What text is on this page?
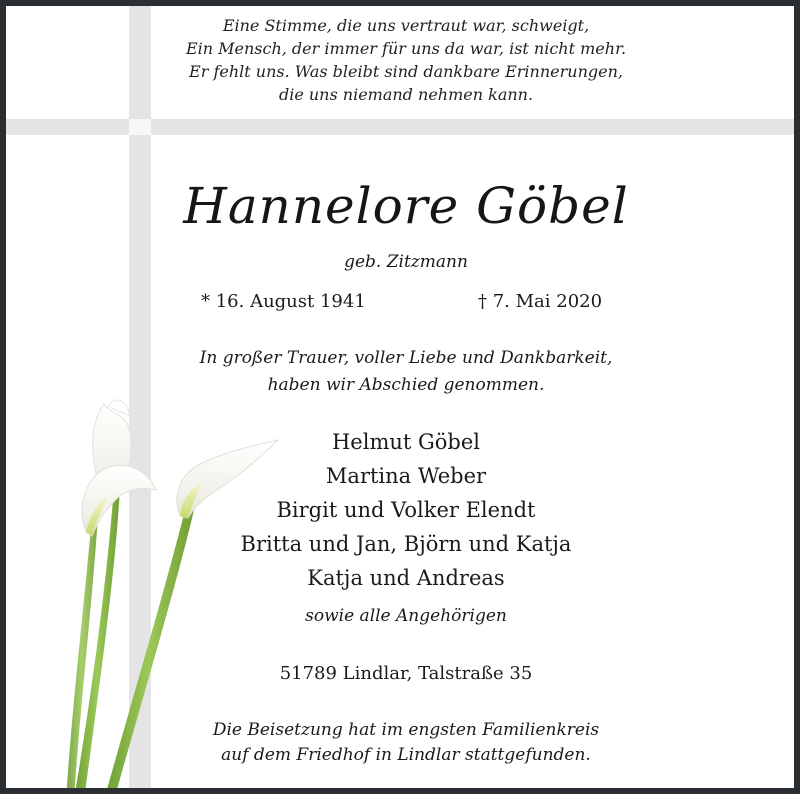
Eine Stimme, die uns vertraut war, schweigt,
Ein Mensch, der immer für uns da war, ist nicht mehr.
Er fehlt uns. Was bleibt sind dankbare Erinnerungen,
die uns niemand nehmen kann.
Hannelore Göbel
geb. Zitzmann
* 16. August 1941	† 7. Mai 2020
In großer Trauer, voller Liebe und Dankbarkeit,
haben wir Abschied genommen.
Helmut Göbel
Martina Weber
Birgit und Volker Elendt
Britta und Jan, Björn und Katja
Katja und Andreas
sowie alle Angehörigen
51789 Lindlar, Talstraße 35
Die Beisetzung hat im engsten Familienkreis
auf dem Friedhof in Lindlar stattgefunden.
